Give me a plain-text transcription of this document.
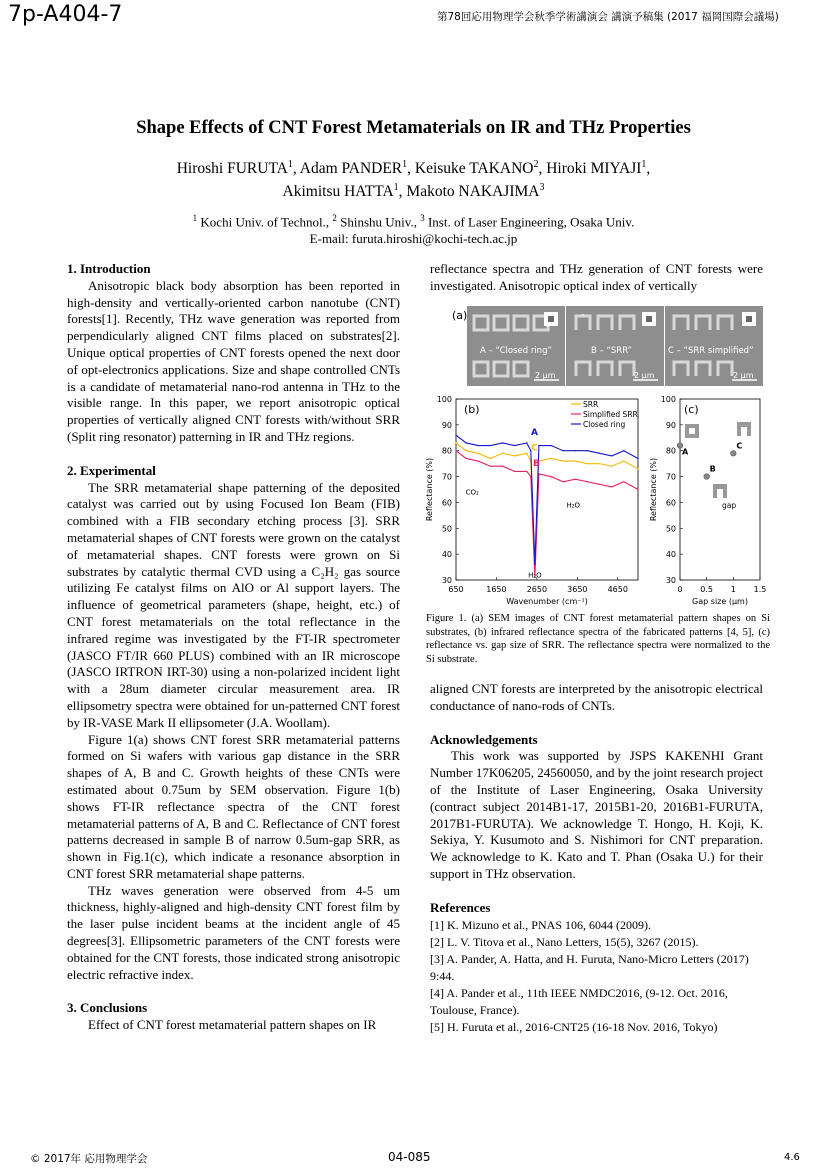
7p-A404-7	第78回応用物理学会秋季学術講演会 講演予稿集 (2017 福岡国際会議場)
Shape Effects of CNT Forest Metamaterials on IR and THz Properties
Hiroshi FURUTA$^1$, Adam PANDER$^1$, Keisuke TAKANO$^2$, Hiroki MIYAJI$^1$,
Akimitsu HATTA$^1$, Makoto NAKAJIMA$^3$
$^1$ Kochi Univ. of Technol., $^2$ Shinshu Univ., $^3$ Inst. of Laser Engineering, Osaka Univ.
E-mail: furuta.hiroshi@kochi-tech.ac.jp

1. Introduction

Anisotropic black body absorption has been reported in high-density and vertically-oriented carbon nanotube (CNT) forests[1]. Recently, THz wave generation was reported from perpendicularly aligned CNT films placed on substrates[2]. Unique optical properties of CNT forests opened the next door of opt-electronics applications. Size and shape controlled CNTs is a candidate of metamaterial nano-rod antenna in THz to the visible range. In this paper, we report anisotropic optical properties of vertically aligned CNT forests with/without SRR (Split ring resonator) patterning in IR and THz regions.

2. Experimental

The SRR metamaterial shape patterning of the deposited catalyst was carried out by using Focused Ion Beam (FIB) combined with a FIB secondary etching process [3]. SRR metamaterial shapes of CNT forests were grown on the catalyst of metamaterial shapes. CNT forests were grown on Si substrates by catalytic thermal CVD using a C₂H₂ gas source utilizing Fe catalyst films on AlO or Al support layers. The influence of geometrical parameters (shape, height, etc.) of CNT forest metamaterials on the total reflectance in the infrared regime was investigated by the FT-IR spectrometer (JASCO FT/IR 660 PLUS) combined with an IR microscope (JASCO IRTRON IRT-30) using a non-polarized incident light with a 28um diameter circular measurement area. IR ellipsometry spectra were obtained for un-patterned CNT forest by IR-VASE Mark II ellipsometer (J.A. Woollam).

Figure 1(a) shows CNT forest SRR metamaterial patterns formed on Si wafers with various gap distance in the SRR shapes of A, B and C. Growth heights of these CNTs were estimated about 0.75um by SEM observation. Figure 1(b) shows FT-IR reflectance spectra of the CNT forest metamaterial patterns of A, B and C. Reflectance of CNT forest patterns decreased in sample B of narrow 0.5um-gap SRR, as shown in Fig.1(c), which indicate a resonance absorption in CNT forest SRR metamaterial shape patterns.

THz waves generation were observed from 4-5 um thickness, highly-aligned and high-density CNT forest film by the laser pulse incident beams at the incident angle of 45 degrees[3]. Ellipsometric parameters of the CNT forests were obtained for the CNT forests, those indicated strong anisotropic electric refractive index.

3. Conclusions

Effect of CNT forest metamaterial pattern shapes on IR

reflectance spectra and THz generation of CNT forests were investigated. Anisotropic optical index of vertically

(a)
A – “Closed ring”
2 μm
B – “SRR”
2 μm
C – “SRR simplified”
2 μm
30
40
50
60
70
80
90
100
650	1650	2650	3650	4650
Wavenumber (cm⁻¹)
Reflectance (%)
(b)	SRR
Simplified SRR
Closed ring
CO₂
H₂O
H₂O
A
C
B
30
40
50
60
70
80
90
100
0 0.5 1 1.5
Gap size (μm)
Reflectance (%)
(c)
A
B
C
gap
Figure 1. (a) SEM images of CNT forest metamaterial pattern shapes on Si substrates, (b) infrared reflectance spectra of the fabricated patterns [4, 5], (c) reflectance vs. gap size of SRR. The reflectance spectra were normalized to the Si substrate.

aligned CNT forests are interpreted by the anisotropic electrical conductance of nano-rods of CNTs.

Acknowledgements

This work was supported by JSPS KAKENHI Grant Number 17K06205, 24560050, and by the joint research project of the Institute of Laser Engineering, Osaka University (contract subject 2014B1-17, 2015B1-20, 2016B1-FURUTA, 2017B1-FURUTA). We acknowledge T. Hongo, H. Koji, K. Sekiya, Y. Kusumoto and S. Nishimori for CNT preparation. We acknowledge to K. Kato and T. Phan (Osaka U.) for their support in THz observation.

References

[1] K. Mizuno et al., PNAS 106, 6044 (2009).

[2] L. V. Titova et al., Nano Letters, 15(5), 3267 (2015).

[3] A. Pander, A. Hatta, and H. Furuta, Nano-Micro Letters (2017) 9:44.

[4] A. Pander et al., 11th IEEE NMDC2016, (9-12. Oct. 2016, Toulouse, France).

[5] H. Furuta et al., 2016-CNT25 (16-18 Nov. 2016, Tokyo)

© 2017年 応用物理学会	04-085	4.6
